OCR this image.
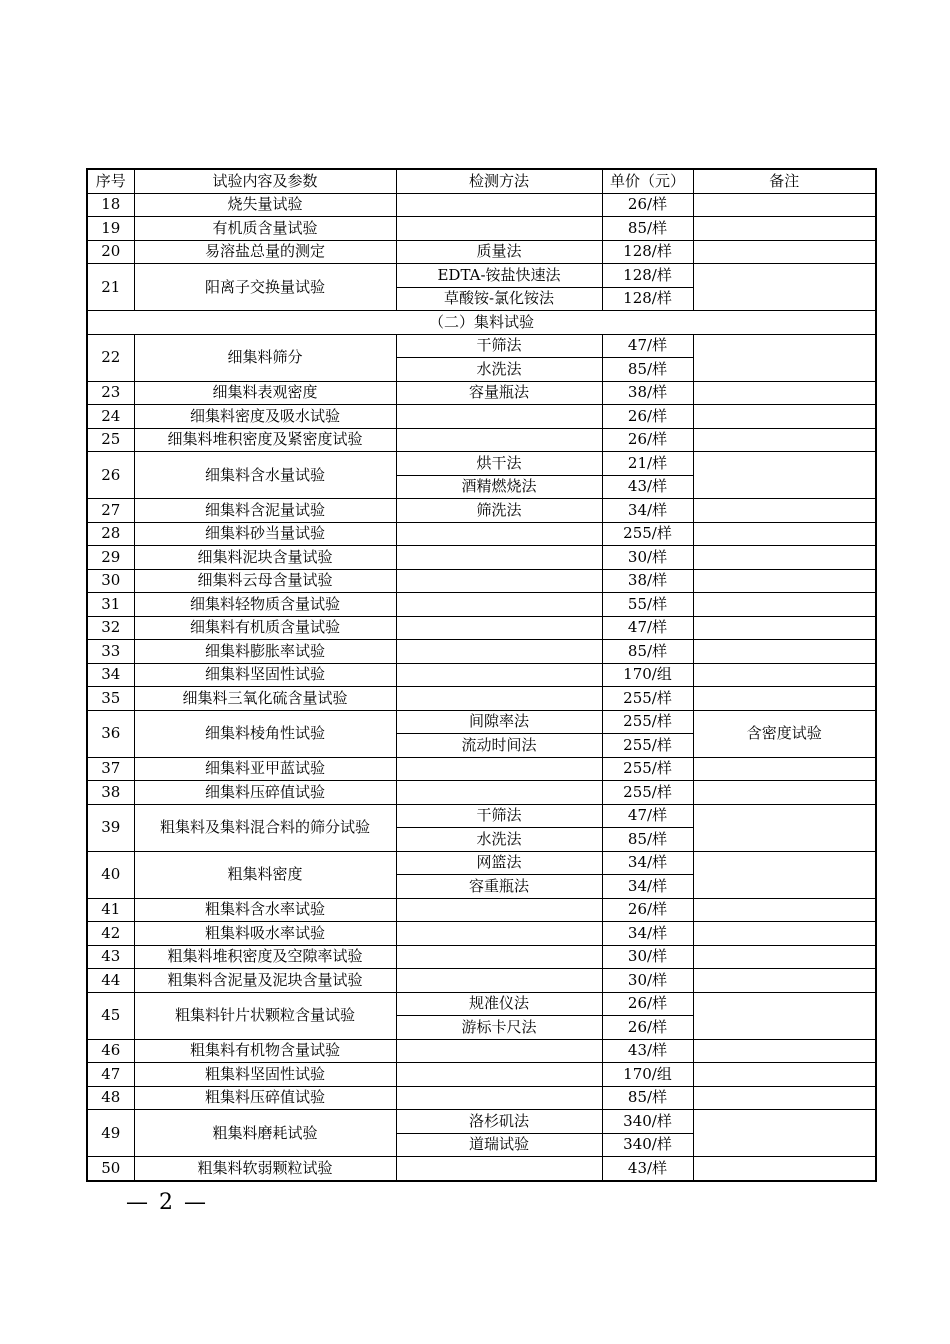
序号	试验内容及参数	检测方法	单价（元）	备注
18	烧失量试验		26/样	
19	有机质含量试验		85/样	
20	易溶盐总量的测定	质量法	128/样	
21	阳离子交换量试验	EDTA-铵盐快速法	128/样	
		草酸铵-氯化铵法	128/样	
（二）集料试验				
22	细集料筛分	干筛法	47/样	
		水洗法	85/样	
23	细集料表观密度	容量瓶法	38/样	
24	细集料密度及吸水试验		26/样	
25	细集料堆积密度及紧密度试验		26/样	
26	细集料含水量试验	烘干法	21/样	
		酒精燃烧法	43/样	
27	细集料含泥量试验	筛洗法	34/样	
28	细集料砂当量试验		255/样	
29	细集料泥块含量试验		30/样	
30	细集料云母含量试验		38/样	
31	细集料轻物质含量试验		55/样	
32	细集料有机质含量试验		47/样	
33	细集料膨胀率试验		85/样	
34	细集料坚固性试验		170/组	
35	细集料三氧化硫含量试验		255/样	
36	细集料棱角性试验	间隙率法	255/样	含密度试验
		流动时间法	255/样	
37	细集料亚甲蓝试验		255/样	
38	细集料压碎值试验		255/样	
39	粗集料及集料混合料的筛分试验	干筛法	47/样	
		水洗法	85/样	
40	粗集料密度	网篮法	34/样	
		容重瓶法	34/样	
41	粗集料含水率试验		26/样	
42	粗集料吸水率试验		34/样	
43	粗集料堆积密度及空隙率试验		30/样	
44	粗集料含泥量及泥块含量试验		30/样	
45	粗集料针片状颗粒含量试验	规准仪法	26/样	
		游标卡尺法	26/样	
46	粗集料有机物含量试验		43/样	
47	粗集料坚固性试验		170/组	
48	粗集料压碎值试验		85/样	
49	粗集料磨耗试验	洛杉矶法	340/样	
		道瑞试验	340/样	
50	粗集料软弱颗粒试验		43/样	
— 2 —
